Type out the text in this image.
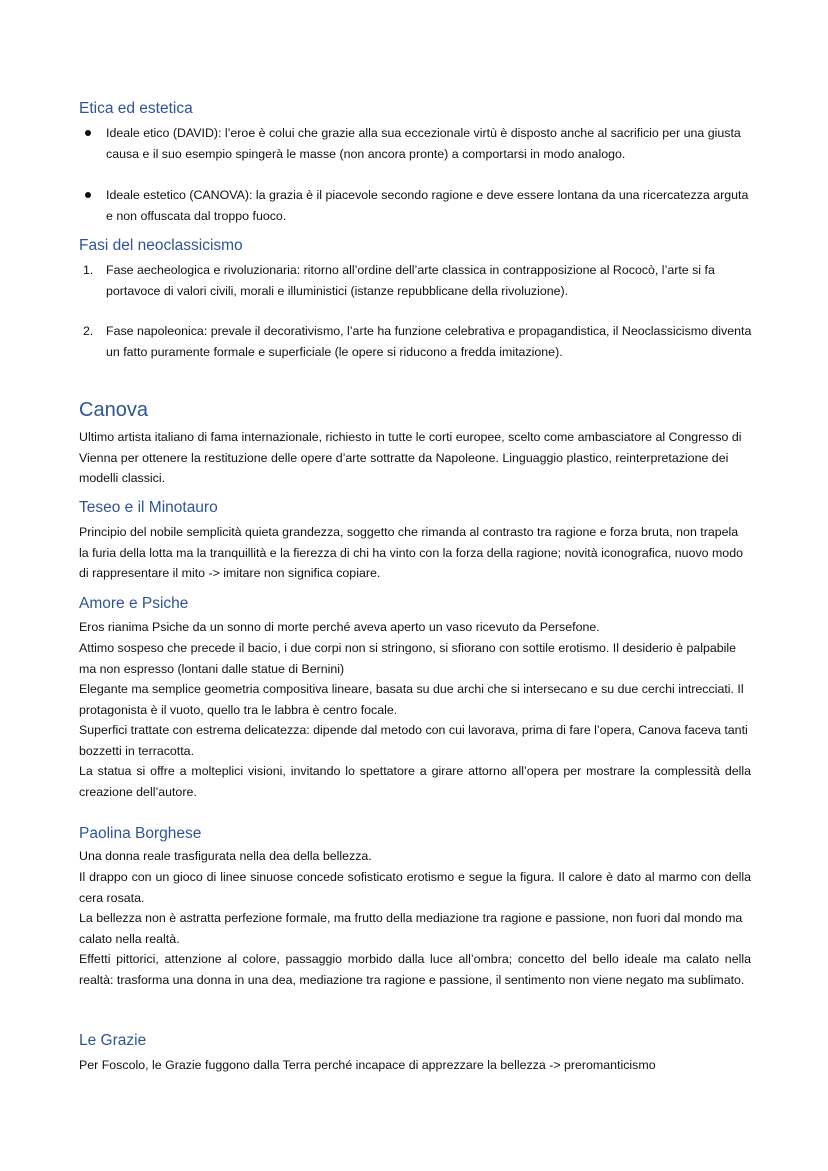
Etica ed estetica

Ideale etico (DAVID): l’eroe è colui che grazie alla sua eccezionale virtù è disposto anche al sacrificio per una giusta causa e il suo esempio spingerà le masse (non ancora pronte) a comportarsi in modo analogo.

Ideale estetico (CANOVA): la grazia è il piacevole secondo ragione e deve essere lontana da una ricercatezza arguta e non offuscata dal troppo fuoco.

Fasi del neoclassicismo
1. Fase aecheologica e rivoluzionaria: ritorno all’ordine dell’arte classica in contrapposizione al Rococò, l’arte si fa portavoce di valori civili, morali e illuministici (istanze repubblicane della rivoluzione).

2. Fase napoleonica: prevale il decorativismo, l’arte ha funzione celebrativa e propagandistica, il Neoclassicismo diventa un fatto puramente formale e superficiale (le opere si riducono a fredda imitazione).

Canova

Ultimo artista italiano di fama internazionale, richiesto in tutte le corti europee, scelto come ambasciatore al Congresso di Vienna per ottenere la restituzione delle opere d’arte sottratte da Napoleone. Linguaggio plastico, reinterpretazione dei modelli classici.

Teseo e il Minotauro

Principio del nobile semplicità quieta grandezza, soggetto che rimanda al contrasto tra ragione e forza bruta, non trapela la furia della lotta ma la tranquillità e la fierezza di chi ha vinto con la forza della ragione; novità iconografica, nuovo modo di rappresentare il mito -> imitare non significa copiare.

Amore e Psiche

Eros rianima Psiche da un sonno di morte perché aveva aperto un vaso ricevuto da Persefone.

Attimo sospeso che precede il bacio, i due corpi non si stringono, si sfiorano con sottile erotismo. Il desiderio è palpabile ma non espresso (lontani dalle statue di Bernini)

Elegante ma semplice geometria compositiva lineare, basata su due archi che si intersecano e su due cerchi intrecciati. Il protagonista è il vuoto, quello tra le labbra è centro focale.

Superfici trattate con estrema delicatezza: dipende dal metodo con cui lavorava, prima di fare l’opera, Canova faceva tanti bozzetti in terracotta.

La statua si offre a molteplici visioni, invitando lo spettatore a girare attorno all’opera per mostrare la complessità della creazione dell’autore.

Paolina Borghese

Una donna reale trasfigurata nella dea della bellezza.

Il drappo con un gioco di linee sinuose concede sofisticato erotismo e segue la figura. Il calore è dato al marmo con della cera rosata.

La bellezza non è astratta perfezione formale, ma frutto della mediazione tra ragione e passione, non fuori dal mondo ma calato nella realtà.

Effetti pittorici, attenzione al colore, passaggio morbido dalla luce all’ombra; concetto del bello ideale ma calato nella realtà: trasforma una donna in una dea, mediazione tra ragione e passione, il sentimento non viene negato ma sublimato.

Le Grazie

Per Foscolo, le Grazie fuggono dalla Terra perché incapace di apprezzare la bellezza -> preromanticismo
